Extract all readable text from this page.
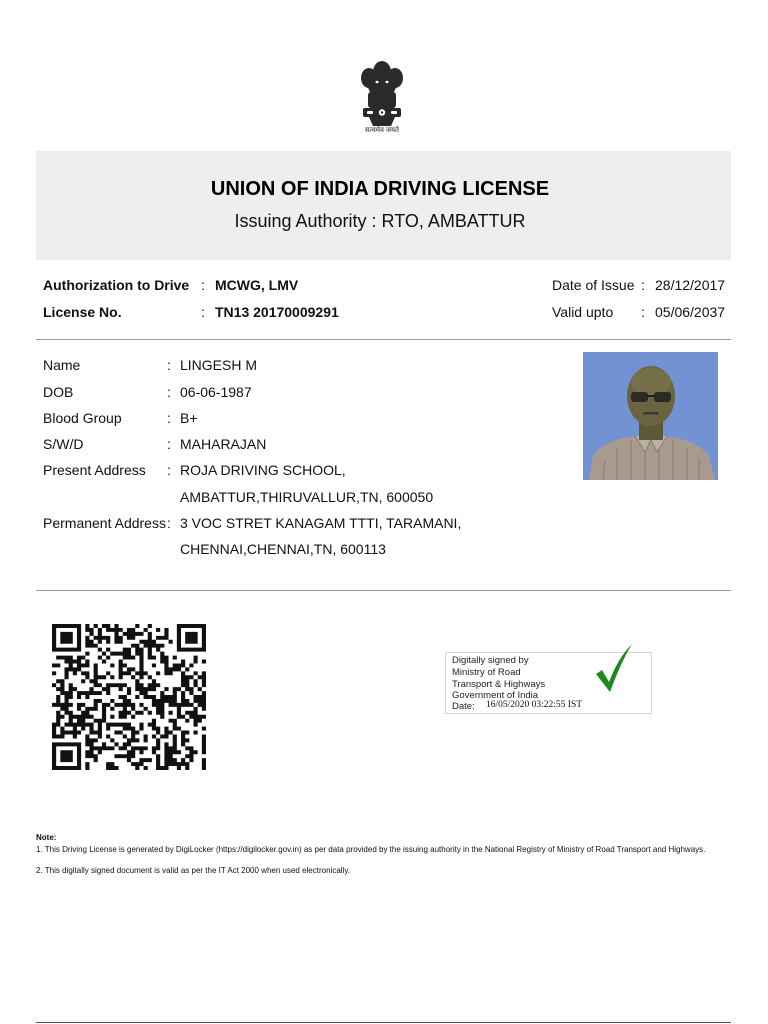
सत्यमेव जयते
UNION OF INDIA DRIVING LICENSE
Issuing Authority : RTO, AMBATTUR
Authorization to Drive : MCWG, LMV
License No.	: TN13 20170009291
Date of Issue : 28/12/2017
Valid upto : 05/06/2037
Name	: LINGESH M
DOB	: 06-06-1987
Blood Group	: B+
S/W/D	: MAHARAJAN
Present Address : ROJA DRIVING SCHOOL,
AMBATTUR,THIRUVALLUR,TN, 600050
Permanent Address : 3 VOC STRET KANAGAM TTTI, TARAMANI,
CHENNAI,CHENNAI,TN, 600113
Digitally signed by
Ministry of Road
Transport & Highways
Government of India
Date: 16/05/2020 03:22:55 IST
Note:
1. This Driving License is generated by DigiLocker (https://digilocker.gov.in) as per data provided by the issuing authority in the National Registry of Ministry of Road Transport and Highways.
2. This digitally signed document is valid as per the IT Act 2000 when used electronically.
